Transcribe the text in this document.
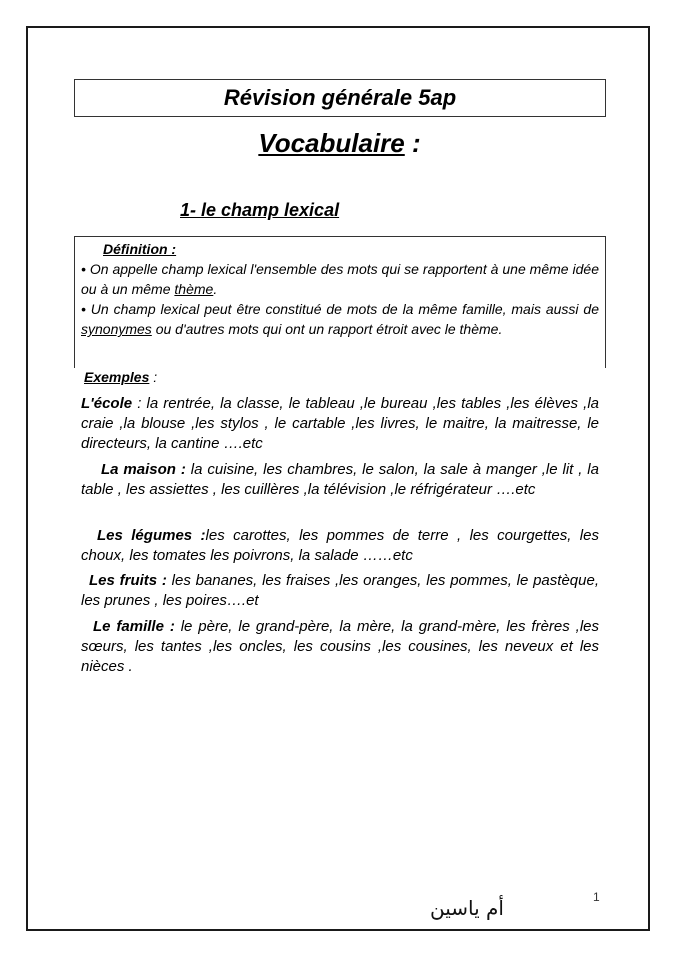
Révision générale 5ap
Vocabulaire :
1- le champ lexical
Définition :
• On appelle champ lexical l'ensemble des mots qui se rapportent à une même idée ou à un même thème.
• Un champ lexical peut être constitué de mots de la même famille, mais aussi de synonymes ou d'autres mots qui ont un rapport étroit avec le thème.
Exemples :
L'école : la rentrée, la classe, le tableau ,le bureau ,les tables ,les élèves ,la craie ,la blouse ,les stylos , le cartable ,les livres, le maitre, la maitresse, le directeurs, la cantine ….etc
La maison : la cuisine, les chambres, le salon, la sale à manger ,le lit , la table , les assiettes , les cuillères ,la télévision ,le réfrigérateur ….etc
Les légumes :les carottes, les pommes de terre , les courgettes, les choux, les tomates les poivrons, la salade ……etc
Les fruits : les bananes, les fraises ,les oranges, les pommes, le pastèque, les prunes , les poires….et
Le famille : le père, le grand-père, la mère, la grand-mère, les frères ,les sœurs, les tantes ,les oncles, les cousins ,les cousines, les neveux et les nièces .
1
أم ياسين
